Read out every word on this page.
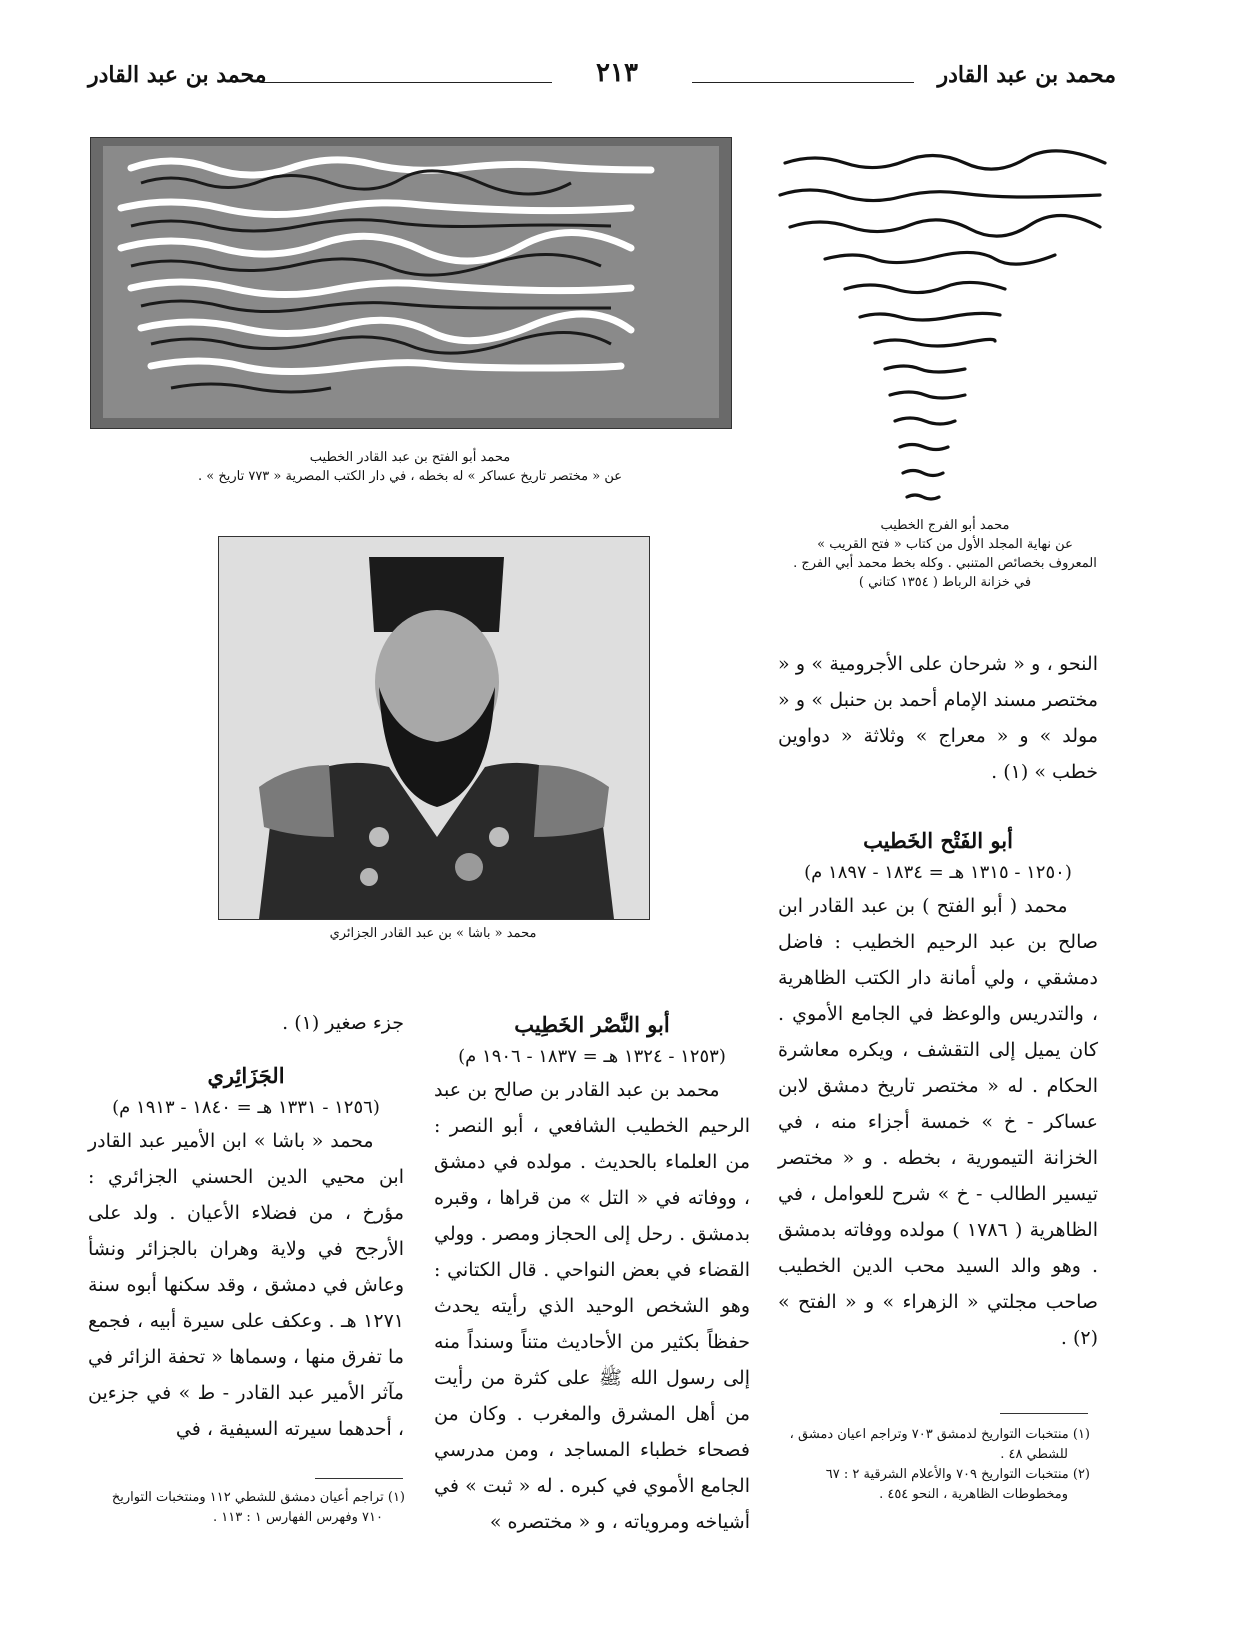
محمد بن عبد القادر
٢١٣
محمد بن عبد القادر
محمد أبو الفتح بن عبد القادر الخطيب
عن « مختصر تاريخ عساكر » له بخطه ، في دار الكتب المصرية « ٧٧٣ تاريخ » .
محمد « باشا » بن عبد القادر الجزائري
محمد أبو الفرج الخطيب
عن نهاية المجلد الأول من كتاب « فتح القريب »
المعروف بخصائص المتنبي . وكله بخط محمد أبي الفرج .
في خزانة الرباط ( ١٣٥٤ كتاني )

النحو ، و « شرحان على الأجرومية » و « مختصر مسند الإمام أحمد بن حنبل » و « مولد » و « معراج » وثلاثة « دواوين خطب » (١) .

أبو الفَتْح الخَطيب

(١٢٥٠ - ١٣١٥ هـ = ١٨٣٤ - ١٨٩٧ م)

محمد ( أبو الفتح ) بن عبد القادر ابن صالح بن عبد الرحيم الخطيب : فاضل دمشقي ، ولي أمانة دار الكتب الظاهرية ، والتدريس والوعظ في الجامع الأموي . كان يميل إلى التقشف ، ويكره معاشرة الحكام . له « مختصر تاريخ دمشق لابن عساكر - خ » خمسة أجزاء منه ، في الخزانة التيمورية ، بخطه . و « مختصر تيسير الطالب - خ » شرح للعوامل ، في الظاهرية ( ١٧٨٦ ) مولده ووفاته بدمشق . وهو والد السيد محب الدين الخطيب صاحب مجلتي « الزهراء » و « الفتح » (٢) .

(١) منتخبات التواريخ لدمشق ٧٠٣ وتراجم اعيان دمشق ،
للشطي ٤٨ .
(٢) منتخبات التواريخ ٧٠٩ والأعلام الشرقية ٢ : ٦٧
ومخطوطات الظاهرية ، النحو ٤٥٤ .

أبو النَّصْر الخَطِيب

(١٢٥٣ - ١٣٢٤ هـ = ١٨٣٧ - ١٩٠٦ م)

محمد بن عبد القادر بن صالح بن عبد الرحيم الخطيب الشافعي ، أبو النصر : من العلماء بالحديث . مولده في دمشق ، ووفاته في « التل » من قراها ، وقبره بدمشق . رحل إلى الحجاز ومصر . وولي القضاء في بعض النواحي . قال الكتاني : وهو الشخص الوحيد الذي رأيته يحدث حفظاً بكثير من الأحاديث متناً وسنداً منه إلى رسول الله ﷺ على كثرة من رأيت من أهل المشرق والمغرب . وكان من فصحاء خطباء المساجد ، ومن مدرسي الجامع الأموي في كبره . له « ثبت » في أشياخه ومروياته ، و « مختصره »

جزء صغير (١) .

الجَزَائِري

(١٢٥٦ - ١٣٣١ هـ = ١٨٤٠ - ١٩١٣ م)

محمد « باشا » ابن الأمير عبد القادر ابن محيي الدين الحسني الجزائري : مؤرخ ، من فضلاء الأعيان . ولد على الأرجح في ولاية وهران بالجزائر ونشأ وعاش في دمشق ، وقد سكنها أبوه سنة ١٢٧١ هـ . وعكف على سيرة أبيه ، فجمع ما تفرق منها ، وسماها « تحفة الزائر في مآثر الأمير عبد القادر - ط » في جزءين ، أحدهما سيرته السيفية ، في

(١) تراجم أعيان دمشق للشطي ١١٢ ومنتخبات التواريخ
٧١٠ وفهرس الفهارس ١ : ١١٣ .
